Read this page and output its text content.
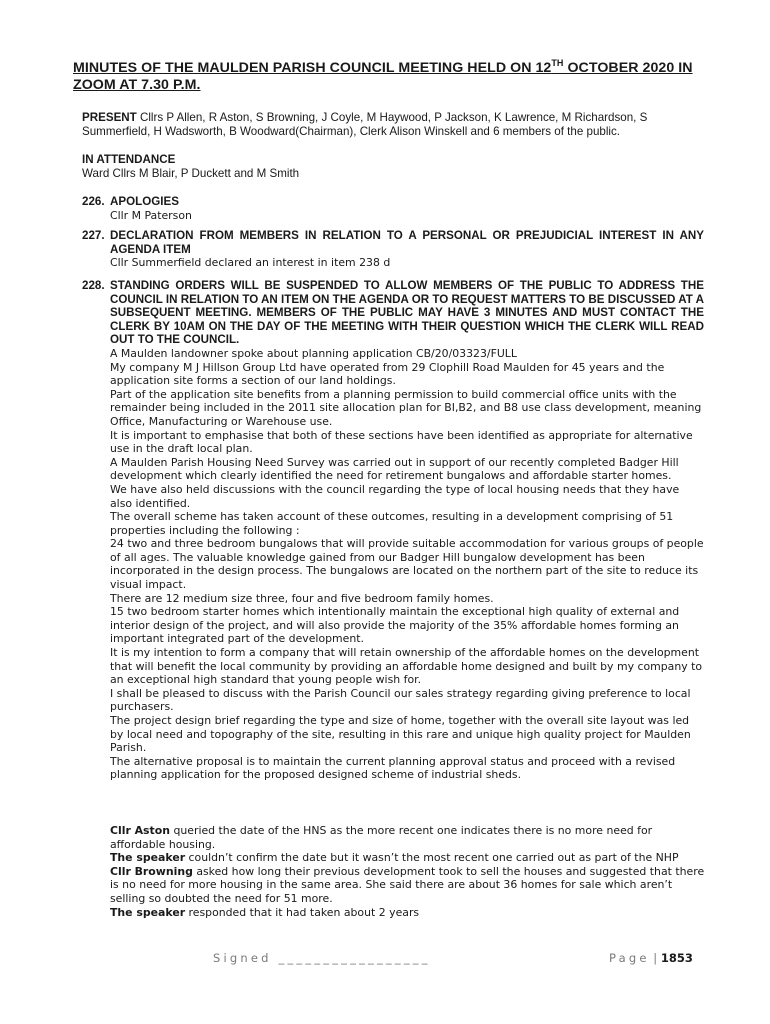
MINUTES OF THE MAULDEN PARISH COUNCIL MEETING HELD ON 12TH OCTOBER 2020 IN ZOOM AT 7.30 P.M.
PRESENT Cllrs P Allen, R Aston, S Browning, J Coyle, M Haywood, P Jackson, K Lawrence, M Richardson, S Summerfield, H Wadsworth, B Woodward(Chairman), Clerk Alison Winskell and 6 members of the public.
IN ATTENDANCE
Ward Cllrs M Blair, P Duckett and M Smith
226. APOLOGIES
Cllr M Paterson
227. DECLARATION FROM MEMBERS IN RELATION TO A PERSONAL OR PREJUDICIAL INTEREST IN ANY AGENDA ITEM
Cllr Summerfield declared an interest in item 238 d
228. STANDING ORDERS WILL BE SUSPENDED TO ALLOW MEMBERS OF THE PUBLIC TO ADDRESS THE COUNCIL IN RELATION TO AN ITEM ON THE AGENDA OR TO REQUEST MATTERS TO BE DISCUSSED AT A SUBSEQUENT MEETING. MEMBERS OF THE PUBLIC MAY HAVE 3 MINUTES AND MUST CONTACT THE CLERK BY 10AM ON THE DAY OF THE MEETING WITH THEIR QUESTION WHICH THE CLERK WILL READ OUT TO THE COUNCIL.

A Maulden landowner spoke about planning application CB/20/03323/FULL

My company M J Hillson Group Ltd have operated from 29 Clophill Road Maulden for 45 years and the application site forms a section of our land holdings.

Part of the application site benefits from a planning permission to build commercial office units with the remainder being included in the 2011 site allocation plan for BI,B2, and B8 use class development, meaning Office, Manufacturing or Warehouse use.

It is important to emphasise that both of these sections have been identified as appropriate for alternative use in the draft local plan.

A Maulden Parish Housing Need Survey was carried out in support of our recently completed Badger Hill development which clearly identified the need for retirement bungalows and affordable starter homes.

We have also held discussions with the council regarding the type of local housing needs that they have also identified.

The overall scheme has taken account of these outcomes, resulting in a development comprising of 51 properties including the following :

24 two and three bedroom bungalows that will provide suitable accommodation for various groups of people of all ages. The valuable knowledge gained from our Badger Hill bungalow development has been incorporated in the design process. The bungalows are located on the northern part of the site to reduce its visual impact.

There are 12 medium size three, four and five bedroom family homes.

15 two bedroom starter homes which intentionally maintain the exceptional high quality of external and interior design of the project, and will also provide the majority of the 35% affordable homes forming an important integrated part of the development.

It is my intention to form a company that will retain ownership of the affordable homes on the development that will benefit the local community by providing an affordable home designed and built by my company to an exceptional high standard that young people wish for.

I shall be pleased to discuss with the Parish Council our sales strategy regarding giving preference to local purchasers.

The project design brief regarding the type and size of home, together with the overall site layout was led by local need and topography of the site, resulting in this rare and unique high quality project for Maulden Parish.

The alternative proposal is to maintain the current planning approval status and proceed with a revised planning application for the proposed designed scheme of industrial sheds.

Cllr Aston queried the date of the HNS as the more recent one indicates there is no more need for affordable housing.

The speaker couldn’t confirm the date but it wasn’t the most recent one carried out as part of the NHP

Cllr Browning asked how long their previous development took to sell the houses and suggested that there is no need for more housing in the same area. She said there are about 36 homes for sale which aren’t selling so doubted the need for 51 more.

The speaker responded that it had taken about 2 years

Signed _________________	Page | 1853
